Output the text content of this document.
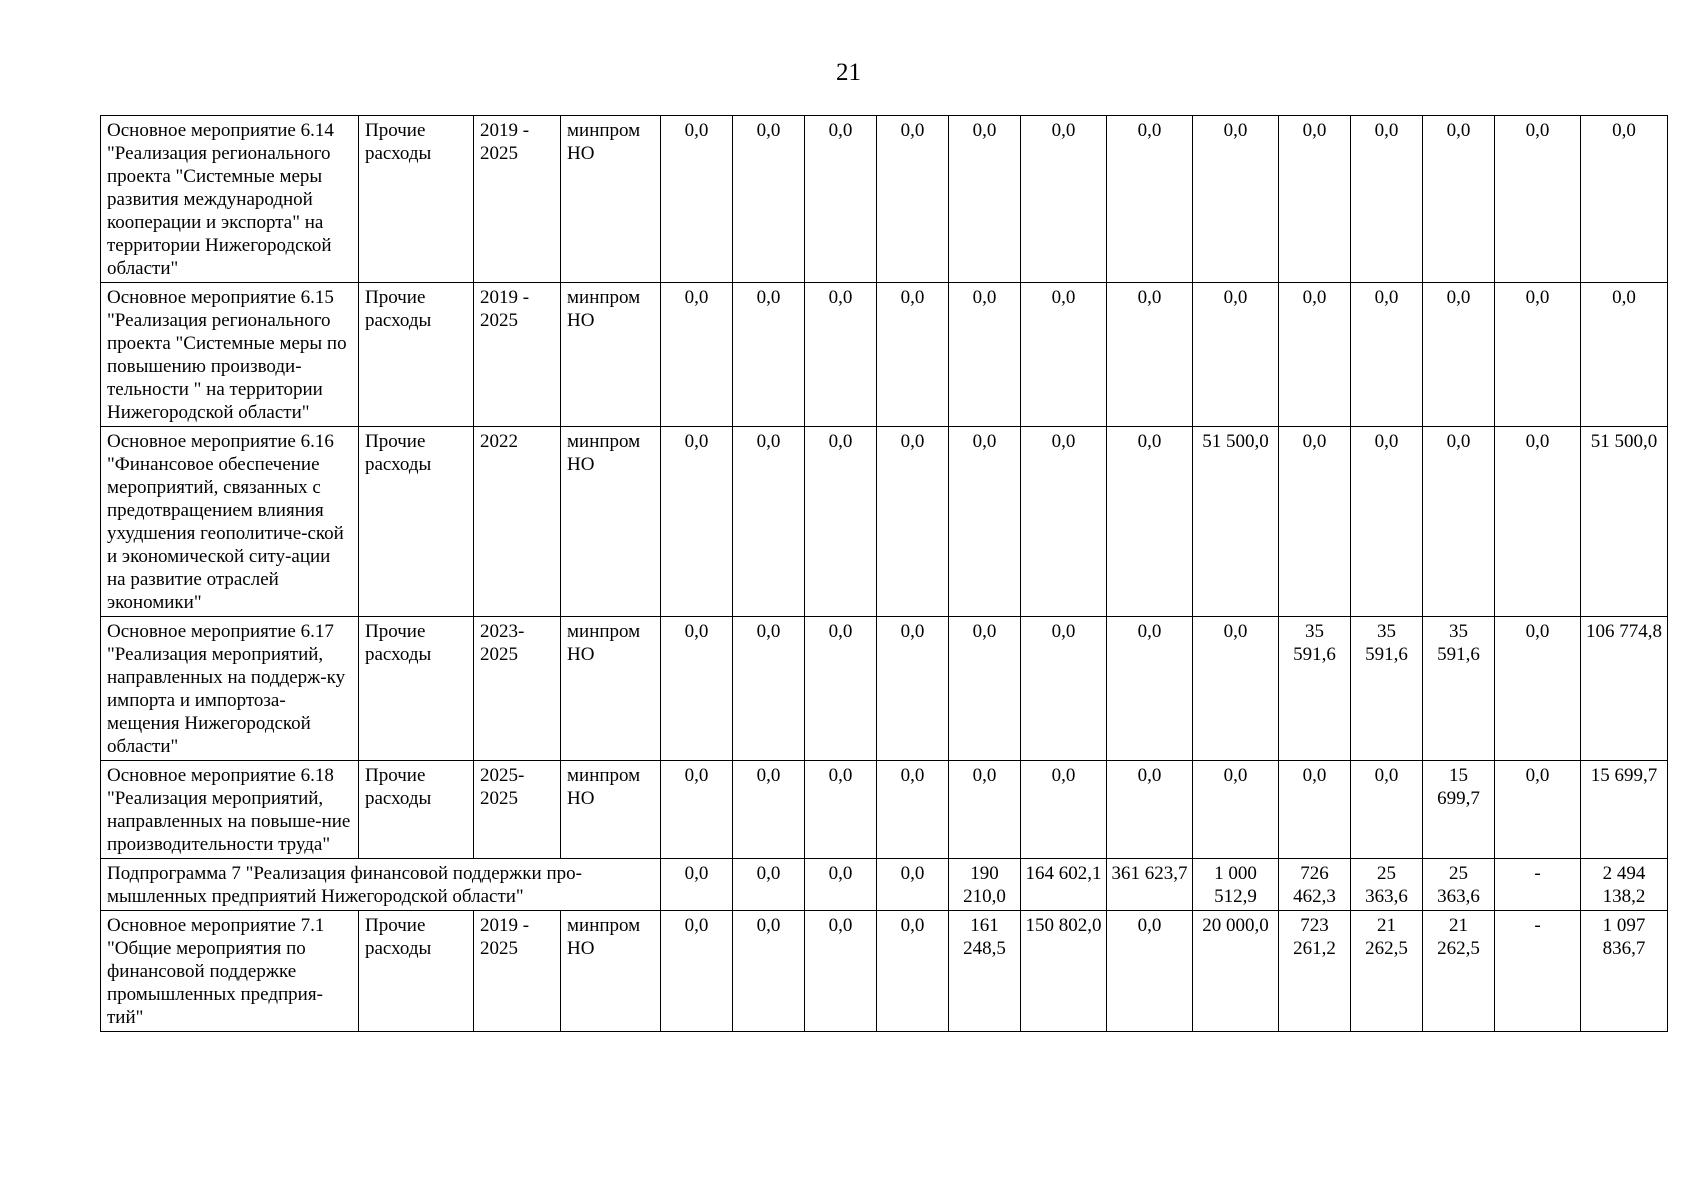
21
Основное мероприятие 6.14 "Реализация регионального проекта "Системные меры развития международной кооперации и экспорта" на территории Нижегородской области"	Прочие расходы	2019 - 2025	минпром НО	0,0	0,0	0,0	0,0	0,0	0,0	0,0	0,0	0,0	0,0	0,0	0,0	0,0
Основное мероприятие 6.15 "Реализация регионального проекта "Системные меры по повышению производи-тельности " на территории Нижегородской области"	Прочие расходы	2019 - 2025	минпром НО	0,0	0,0	0,0	0,0	0,0	0,0	0,0	0,0	0,0	0,0	0,0	0,0	0,0
Основное мероприятие 6.16 "Финансовое обеспечение мероприятий, связанных с предотвращением влияния ухудшения геополитиче-ской и экономической ситу-ации на развитие отраслей экономики"	Прочие расходы	2022	минпром НО	0,0	0,0	0,0	0,0	0,0	0,0	0,0	51 500,0	0,0	0,0	0,0	0,0	51 500,0
Основное мероприятие 6.17 "Реализация мероприятий, направленных на поддерж-ку импорта и импортоза-мещения Нижегородской области"	Прочие расходы	2023-2025	минпром НО	0,0	0,0	0,0	0,0	0,0	0,0	0,0	0,0	35 591,6	35 591,6	35 591,6	0,0	106 774,8
Основное мероприятие 6.18 "Реализация мероприятий, направленных на повыше-ние производительности труда"	Прочие расходы	2025-2025	минпром НО	0,0	0,0	0,0	0,0	0,0	0,0	0,0	0,0	0,0	0,0	15 699,7	0,0	15 699,7
Подпрограмма 7 "Реализация финансовой поддержки про-мышленных предприятий Нижегородской области"				0,0	0,0	0,0	0,0	190 210,0	164 602,1	361 623,7	1 000 512,9	726 462,3	25 363,6	25 363,6	-	2 494 138,2
Основное мероприятие 7.1 "Общие мероприятия по финансовой поддержке промышленных предприя-тий"	Прочие расходы	2019 - 2025	минпром НО	0,0	0,0	0,0	0,0	161 248,5	150 802,0	0,0	20 000,0	723 261,2	21 262,5	21 262,5	-	1 097 836,7
